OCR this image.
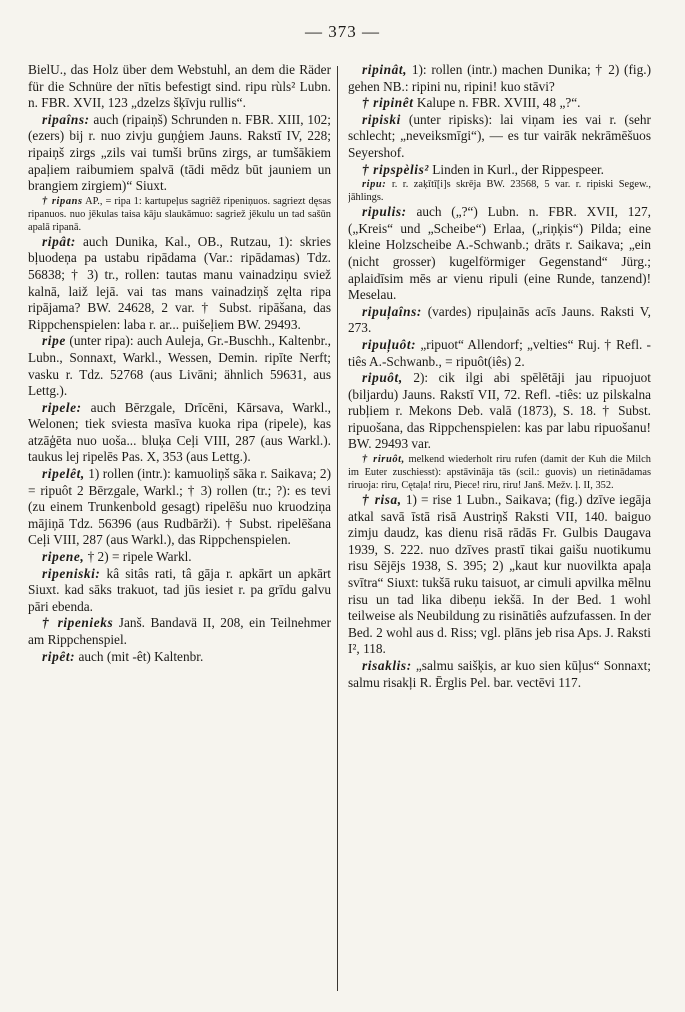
— 373 —

BielU., das Holz über dem Webstuhl, an dem die Räder für die Schnüre der nītis befestigt sind. ripu rùls² Lubn. n. FBR. XVII, 123 „dzelzs šķīvju rullis“.

ripaîns: auch (ripaiņš) Schrunden n. FBR. XIII, 102; (ezers) bij r. nuo zivju guņģiem Jauns. Rakstī IV, 228; ripaiņš zirgs „zils vai tumši brūns zirgs, ar tumšākiem apaļiem raibumiem spalvā (tādi mēdz būt jauniem un brangiem zirgiem)“ Siuxt.

† ripans AP., = ripa 1: kartupeļus sagriêž ripeniņuos. sagriezt dęsas ripanuos. nuo jēkulas taisa kāju slaukāmuo: sagriež jēkulu un tad sašūn apalā ripanā.

ripât: auch Dunika, Kal., OB., Rutzau, 1): skries bļuodeņa pa ustabu ripādama (Var.: ripādamas) Tdz. 56838; † 3) tr., rollen: tautas manu vainadziņu sviež kalnā, laiž lejā. vai tas mans vainadziņš zęlta ripa ripājama? BW. 24628, 2 var. † Subst. ripāšana, das Rippchenspielen: laba r. ar... puišeļiem BW. 29493.

ripe (unter ripa): auch Auleja, Gr.-Buschh., Kaltenbr., Lubn., Sonnaxt, Warkl., Wessen, Demin. ripīte Nerft; vasku r. Tdz. 52768 (aus Livāni; ähnlich 59631, aus Lettg.).

ripele: auch Bērzgale, Drīcēni, Kārsava, Warkl., Welonen; tiek sviesta masīva kuoka ripa (ripele), kas atzāģēta nuo uoša... bluķa Ceļi VIII, 287 (aus Warkl.). taukus lej ripelēs Pas. X, 353 (aus Lettg.).

ripelêt, 1) rollen (intr.): kamuoliņš sāka r. Saikava; 2) = ripuôt 2 Bērzgale, Warkl.; † 3) rollen (tr.; ?): es tevi (zu einem Trunkenbold gesagt) ripelēšu nuo kruodziņa mājiņā Tdz. 56396 (aus Rudbārži). † Subst. ripelēšana Ceļi VIII, 287 (aus Warkl.), das Rippchenspielen.

ripene, † 2) = ripele Warkl.

ripeniski: kâ sitâs rati, tâ gāja r. apkārt un apkārt Siuxt. kad sāks trakuot, tad jūs iesiet r. pa grīdu galvu pāri ebenda.

† ripenieks Janš. Bandavä II, 208, ein Teilnehmer am Rippchenspiel.

ripêt: auch (mit -êt) Kaltenbr.

ripinât, 1): rollen (intr.) machen Dunika; † 2) (fig.) gehen NB.: ripini nu, ripini! kuo stāvi?

† ripinêt Kalupe n. FBR. XVIII, 48 „?“.

ripiski (unter ripisks): lai viņam ies vai r. (sehr schlecht; „neveiksmīgi“), — es tur vairāk nekrāmēšuos Seyershof.

† ripspèlis² Linden in Kurl., der Rippespeer.

ripu: r. r. zaķītī[i]s skrēja BW. 23568, 5 var. r. ripiski Segew., jāhlings.

ripulis: auch („?“) Lubn. n. FBR. XVII, 127, („Kreis“ und „Scheibe“) Erlaa, („riņķis“) Pilda; eine kleine Holzscheibe A.-Schwanb.; drāts r. Saikava; „ein (nicht grosser) kugelförmiger Gegenstand“ Jürg.; aplaidīsim mēs ar vienu ripuli (eine Runde, tanzend)! Meselau.

ripuļaîns: (vardes) ripuļainās acīs Jauns. Raksti V, 273.

ripuļuôt: „ripuot“ Allendorf; „velties“ Ruj. † Refl. -tiês A.-Schwanb., = ripuôt(iês) 2.

ripuôt, 2): cik ilgi abi spēlētāji jau ripuojuot (biljardu) Jauns. Rakstī VII, 72. Refl. -tiês: uz pilskalna rubļiem r. Mekons Deb. valā (1873), S. 18. † Subst. ripuošana, das Rippchenspielen: kas par labu ripuošanu! BW. 29493 var.

† riruôt, melkend wiederholt riru rufen (damit der Kuh die Milch im Euter zuschiesst): apstāvināja tās (scil.: guovis) un rietinādamas riruoja: riru, Cętaļa! riru, Piece! riru, riru! Janš. Mežv. ļ. II, 352.

† risa, 1) = rise 1 Lubn., Saikava; (fig.) dzīve iegāja atkal savā īstā risā Austriņš Raksti VII, 140. baiguo zimju daudz, kas dienu risā rādās Fr. Gulbis Daugava 1939, S. 222. nuo dzīves prastī tikai gaišu nuotikumu risu Sējējs 1938, S. 395; 2) „kaut kur nuovilkta apaļa svītra“ Siuxt: tukšā ruku taisuot, ar cimuli apvilka mēlnu risu un tad lika dibeņu iekšā. In der Bed. 1 wohl teilweise als Neubildung zu risinātiês aufzufassen. In der Bed. 2 wohl aus d. Riss; vgl. plāns jeb risa Aps. J. Raksti I², 118.

risaklis: „salmu saišķis, ar kuo sien kūļus“ Sonnaxt; salmu risakļi R. Ērglis Pel. bar. vectēvi 117.
